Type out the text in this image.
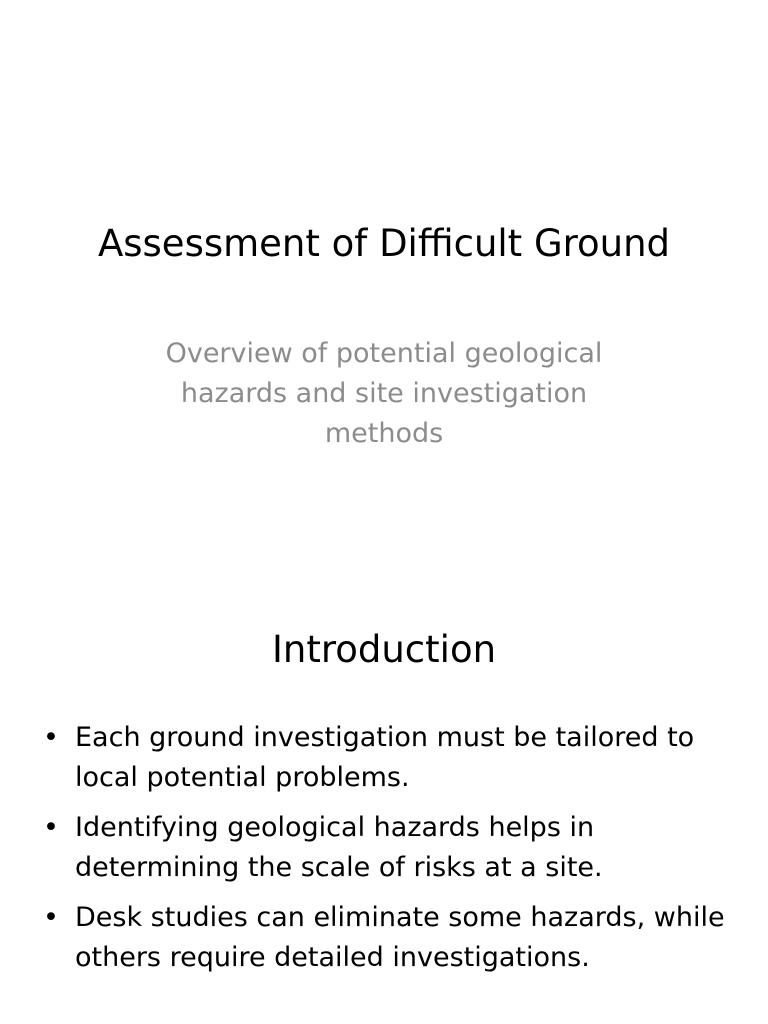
Assessment of Difficult Ground

Overview of potential geological hazards and site investigation methods

Introduction
• Each ground investigation must be tailored to local potential problems.
• Identifying geological hazards helps in determining the scale of risks at a site.
• Desk studies can eliminate some hazards, while others require detailed investigations.
